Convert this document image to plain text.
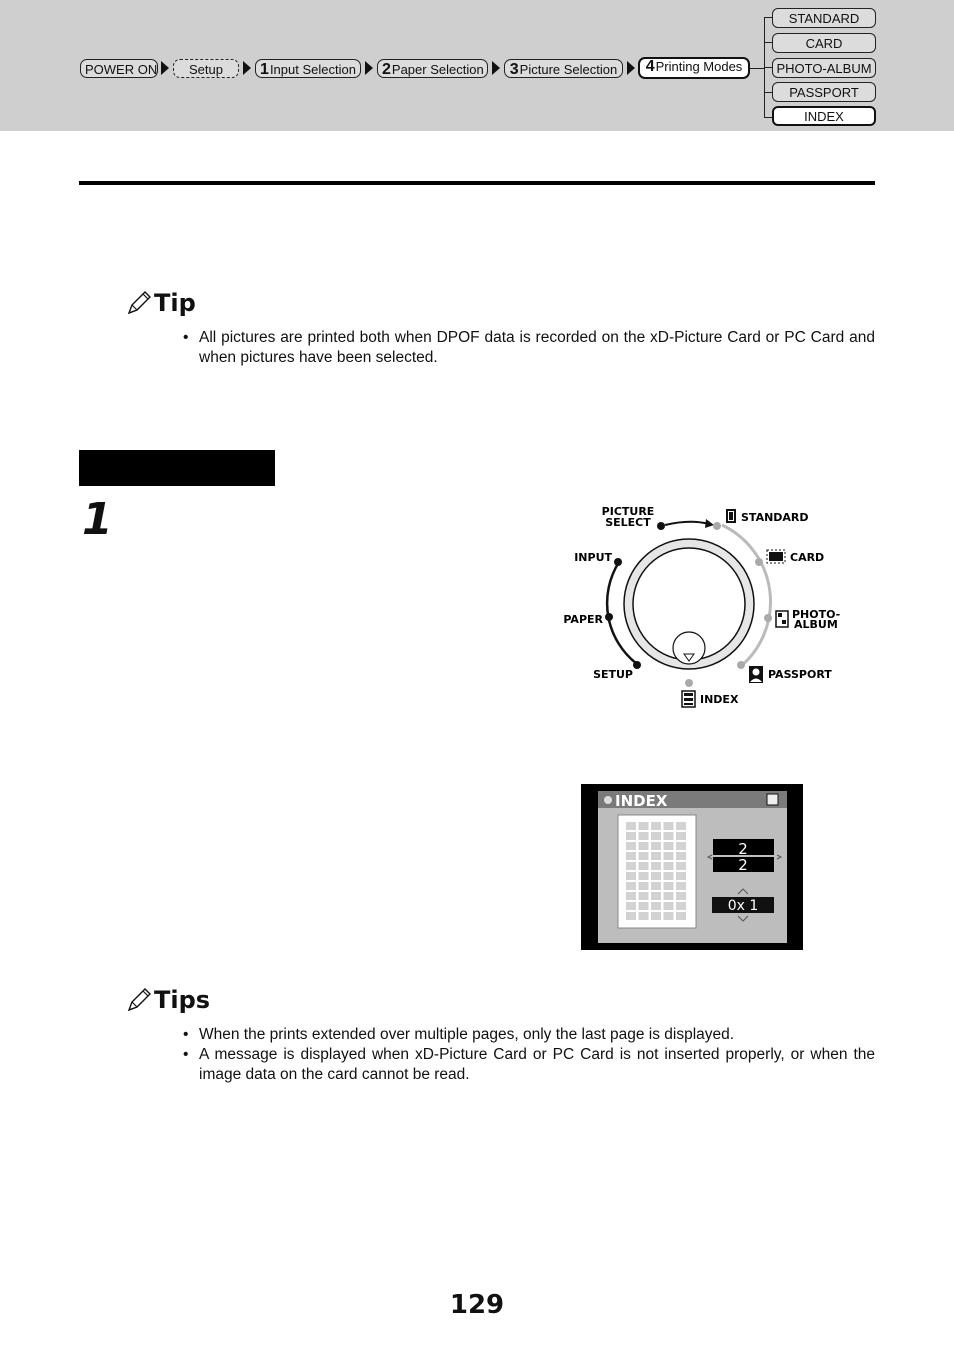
POWER ON	Setup	1Input Selection	2Paper Selection	3Picture Selection	4Printing Modes
STANDARD
CARD
PHOTO-ALBUM
PASSPORT
INDEX
Tip
• All pictures are printed both when DPOF data is recorded on the xD-Picture Card or PC Card and when pictures have been selected.
1	PICTURE
SELECT
INPUT
PAPER
SETUP
STANDARD
CARD
PHOTO-
ALBUM
PASSPORT
INDEX
INDEX
2
2
0x 1
Tips
• When the prints extended over multiple pages, only the last page is displayed.
• A message is displayed when xD-Picture Card or PC Card is not inserted properly, or when the image data on the card cannot be read.
129
